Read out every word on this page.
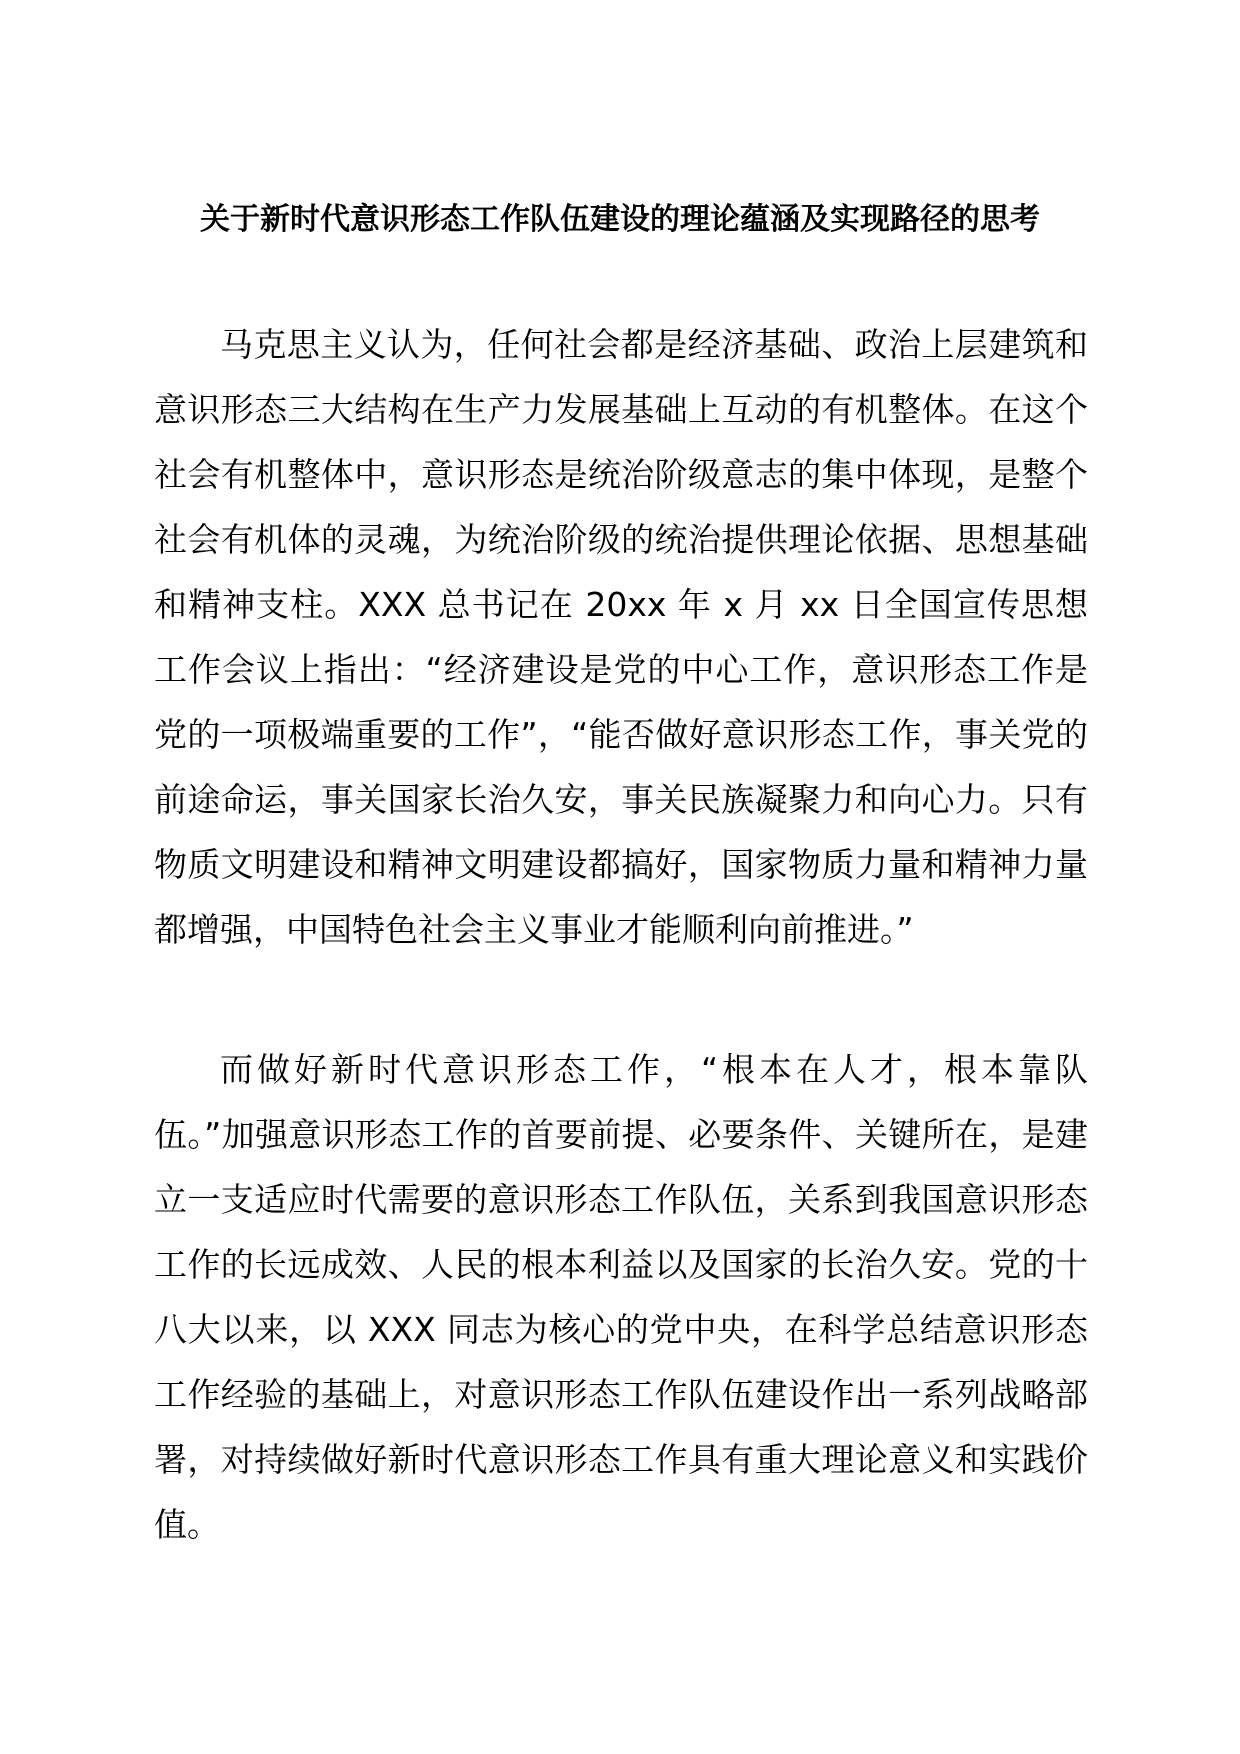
关于新时代意识形态工作队伍建设的理论蕴涵及实现路径的思考

马克思主义认为，任何社会都是经济基础、政治上层建筑和意识形态三大结构在生产力发展基础上互动的有机整体。在这个社会有机整体中，意识形态是统治阶级意志的集中体现，是整个社会有机体的灵魂，为统治阶级的统治提供理论依据、思想基础和精神支柱。XXX 总书记在 20xx 年 x 月 xx 日全国宣传思想工作会议上指出：“经济建设是党的中心工作，意识形态工作是党的一项极端重要的工作”，“能否做好意识形态工作，事关党的前途命运，事关国家长治久安，事关民族凝聚力和向心力。只有物质文明建设和精神文明建设都搞好，国家物质力量和精神力量都增强，中国特色社会主义事业才能顺利向前推进。”

而做好新时代意识形态工作，“根本在人才，根本靠队伍。”加强意识形态工作的首要前提、必要条件、关键所在，是建立一支适应时代需要的意识形态工作队伍，关系到我国意识形态工作的长远成效、人民的根本利益以及国家的长治久安。党的十八大以来，以 XXX 同志为核心的党中央，在科学总结意识形态工作经验的基础上，对意识形态工作队伍建设作出一系列战略部署，对持续做好新时代意识形态工作具有重大理论意义和实践价值。
